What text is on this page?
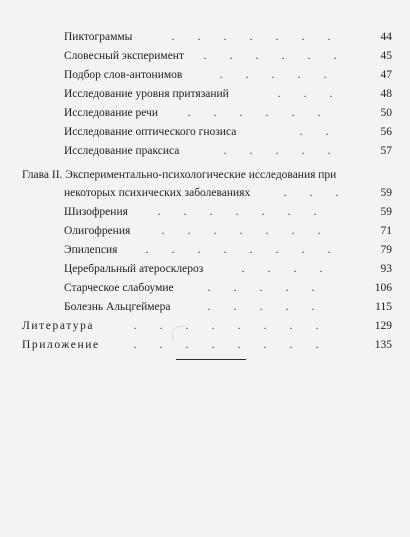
Пиктограммы	. . . . . . .	44
Словесный эксперимент	. . . . . .	45
Подбор слов-антонимов	. . . . .	47
Исследование уровня притязаний	. . .	48
Исследование речи	. . . . . .	50
Исследование оптического гнозиса	. .	56
Исследование праксиса	. . . . .	57
Глава II. Экспериментально-психологические исследования при
некоторых психических заболеваниях	. . .	59
Шизофрения	. . . . . . .	59
Олигофрения	. . . . . . .	71
Эпилепсия	. . . . . . . .	79
Церебральный атеросклероз	. . . .	93
Старческое слабоумие	. . . . .	106
Болезнь Альцгеймера	. . . . .	115
Литература	. . . . . . . .	129
Приложение	. . . . . . . .	135
